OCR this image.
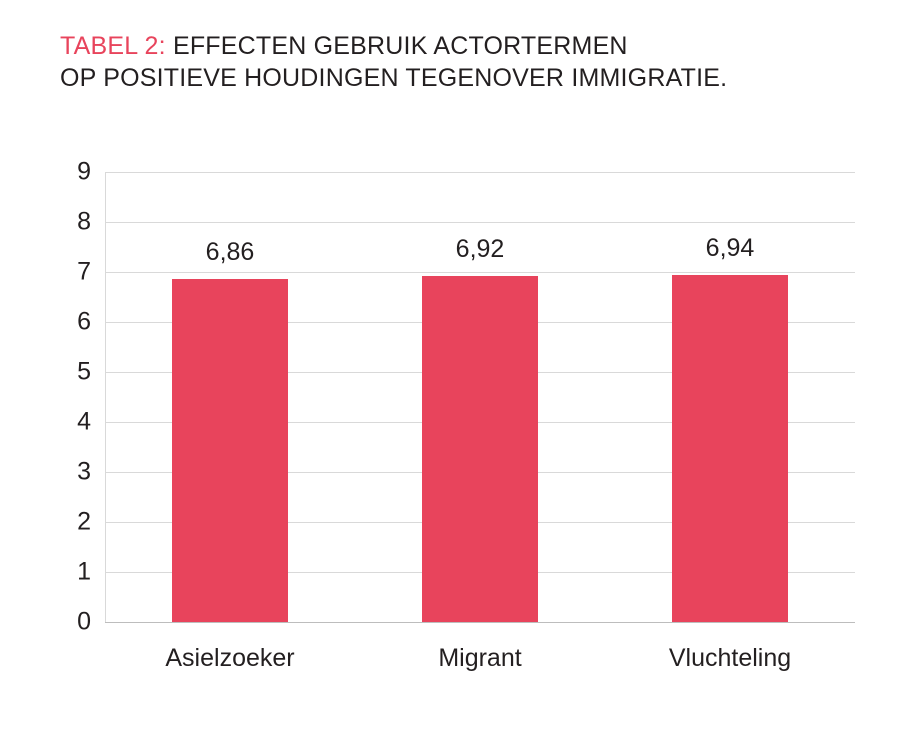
TABEL 2: EFFECTEN GEBRUIK ACTORTERMEN
OP POSITIEVE HOUDINGEN TEGENOVER IMMIGRATIE.
9
8
7
6
5
4
3
2
1
0
6,86
Asielzoeker
6,92
Migrant
6,94
Vluchteling
